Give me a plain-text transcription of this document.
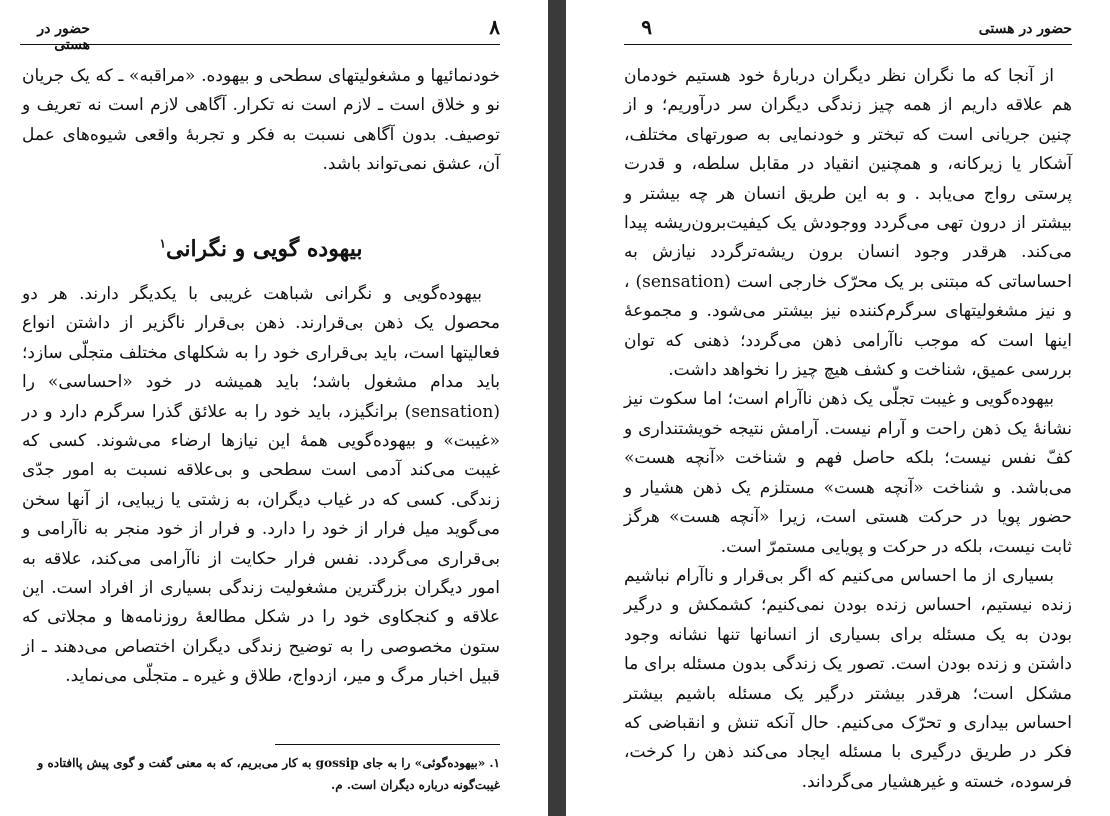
۸
حضور در هستی

خودنمائیها و مشغولیتهای سطحی و بیهوده. «مراقبه» ـ که یک جریان نو و خلاق است ـ لازم است نه تکرار. آگاهی لازم است نه تعریف و توصیف. بدون آگاهی نسبت به فکر و تجربهٔ واقعی شیوه‌های عمل آن، عشق نمی‌تواند باشد.

بیهوده گویی و نگرانی$^۱$

بیهوده‌گویی و نگرانی شباهت غریبی با یکدیگر دارند. هر دو محصول یک ذهن بی‌قرارند. ذهن بی‌قرار ناگزیر از داشتن انواع فعالیتها است، باید بی‌قراری خود را به شکلهای مختلف متجلّی سازد؛ باید مدام مشغول باشد؛ باید همیشه در خود «احساسی» را (sensation) برانگیزد، باید خود را به علائق گذرا سرگرم دارد و در «غیبت» و بیهوده‌گویی همهٔ این نیازها ارضاء می‌شوند. کسی که غیبت می‌کند آدمی است سطحی و بی‌علاقه نسبت به امور جدّی زندگی. کسی که در غیاب دیگران، به زشتی یا زیبایی، از آنها سخن می‌گوید میل فرار از خود را دارد. و فرار از خود منجر به ناآرامی و بی‌قراری می‌گردد. نفس فرار حکایت از ناآرامی می‌کند، علاقه به امور دیگران بزرگترین مشغولیت زندگی بسیاری از افراد است. این علاقه و کنجکاوی خود را در شکل مطالعهٔ روزنامه‌ها و مجلاتی که ستون مخصوصی را به توضیح زندگی دیگران اختصاص می‌دهند ـ از قبیل اخبار مرگ و میر، ازدواج، طلاق و غیره ـ متجلّی می‌نماید.

۱. «بیهوده‌گوئی» را به جای gossip به کار می‌بریم، که به معنی گفت و گوی پیش پاافتاده و غیبت‌گونه درباره دیگران است. م.
حضور در هستی
۹

از آنجا که ما نگران نظر دیگران دربارهٔ خود هستیم خودمان هم علاقه داریم از همه چیز زندگی دیگران سر درآوریم؛ و از چنین جریانی است که تبختر و خودنمایی به صورتهای مختلف، آشکار یا زیرکانه، و همچنین انقیاد در مقابل سلطه، و قدرت پرستی رواج می‌یابد . و به این طریق انسان هر چه بیشتر و بیشتر از درون تهی می‌گردد ووجودش یک کیفیت‌برون‌ریشه پیدا می‌کند. هرقدر وجود انسان برون ریشه‌ترگردد نیازش به احساساتی که مبتنی بر یک محرّک خارجی است (sensation) ، و نیز مشغولیتهای سرگرم‌کننده نیز بیشتر می‌شود. و مجموعهٔ اینها است که موجب ناآرامی ذهن می‌گردد؛ ذهنی که توان بررسی عمیق، شناخت و کشف هیچ چیز را نخواهد داشت.

بیهوده‌گویی و غیبت تجلّی یک ذهن ناآرام است؛ اما سکوت نیز نشانهٔ یک ذهن راحت و آرام نیست. آرامش نتیجه خویشتنداری و کفّ نفس نیست؛ بلکه حاصل فهم و شناخت «آنچه هست» می‌باشد. و شناخت «آنچه هست» مستلزم یک ذهن هشیار و حضور پویا در حرکت هستی است، زیرا «آنچه هست» هرگز ثابت نیست، بلکه در حرکت و پویایی مستمرّ است.

بسیاری از ما احساس می‌کنیم که اگر بی‌قرار و ناآرام نباشیم زنده نیستیم، احساس زنده بودن نمی‌کنیم؛ کشمکش و درگیر بودن به یک مسئله برای بسیاری از انسانها تنها نشانه وجود داشتن و زنده بودن است. تصور یک زندگی بدون مسئله برای ما مشکل است؛ هرقدر بیشتر درگیر یک مسئله باشیم بیشتر احساس بیداری و تحرّک می‌کنیم. حال آنکه تنش و انقباضی که فکر در طریق درگیری با مسئله ایجاد می‌کند ذهن را کرخت، فرسوده، خسته و غیرهشیار می‌گرداند.
